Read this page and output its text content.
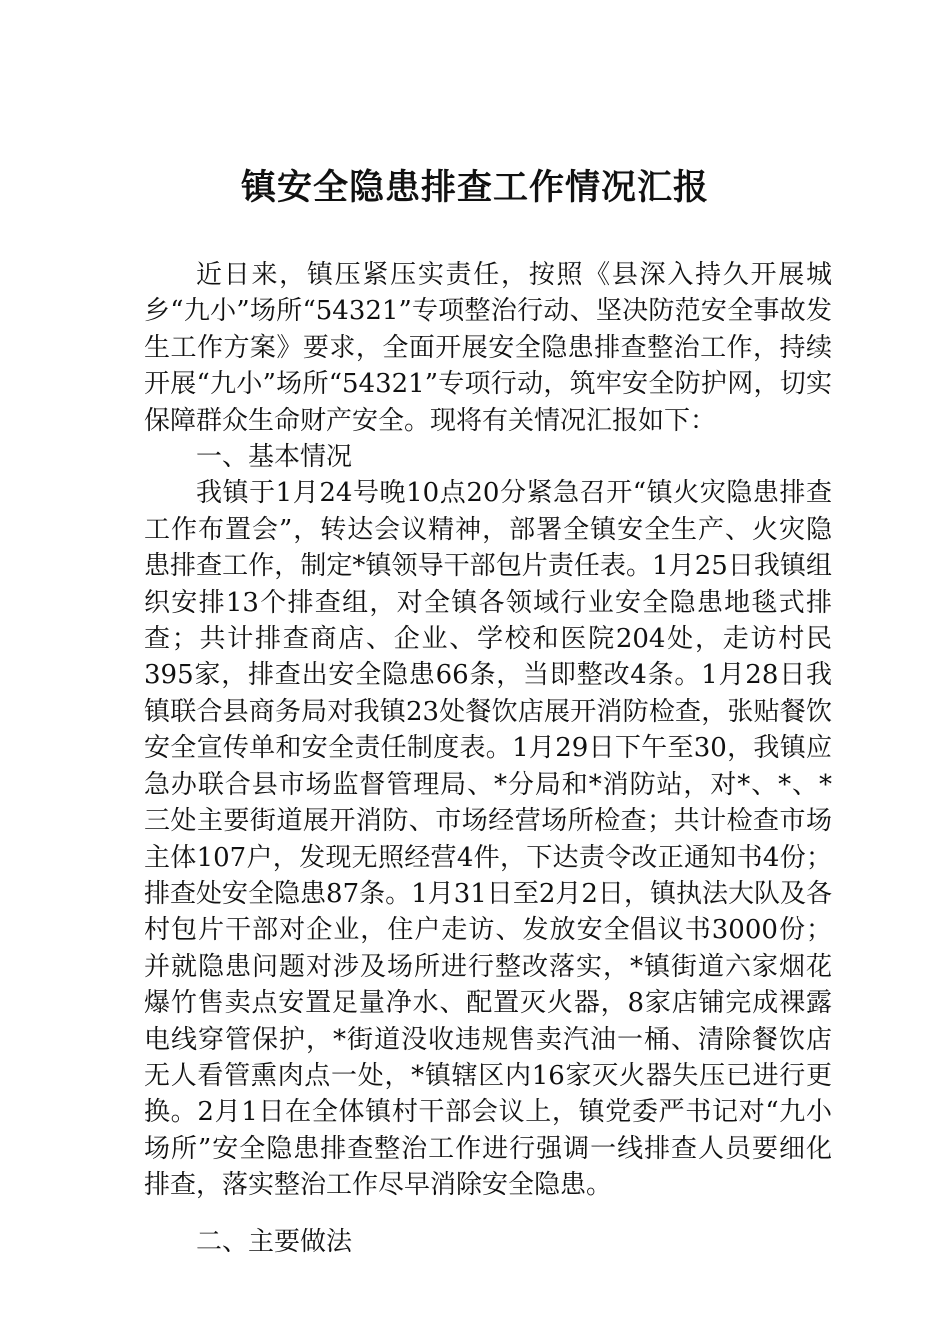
镇安全隐患排查工作情况汇报

近日来，镇压紧压实责任，按照《县深入持久开展城乡“九小”场所“54321”专项整治行动、坚决防范安全事故发生工作方案》要求，全面开展安全隐患排查整治工作，持续开展“九小”场所“54321”专项行动，筑牢安全防护网，切实保障群众生命财产安全。现将有关情况汇报如下：

一、基本情况

我镇于1月24号晚10点20分紧急召开“镇火灾隐患排查工作布置会”，转达会议精神，部署全镇安全生产、火灾隐患排查工作，制定*镇领导干部包片责任表。1月25日我镇组织安排13个排查组，对全镇各领域行业安全隐患地毯式排查；共计排查商店、企业、学校和医院204处，走访村民395家，排查出安全隐患66条，当即整改4条。1月28日我镇联合县商务局对我镇23处餐饮店展开消防检查，张贴餐饮安全宣传单和安全责任制度表。1月29日下午至30，我镇应急办联合县市场监督管理局、*分局和*消防站，对*、*、*三处主要街道展开消防、市场经营场所检查；共计检查市场主体107户，发现无照经营4件，下达责令改正通知书4份；排查处安全隐患87条。1月31日至2月2日，镇执法大队及各村包片干部对企业，住户走访、发放安全倡议书3000份；并就隐患问题对涉及场所进行整改落实，*镇街道六家烟花爆竹售卖点安置足量净水、配置灭火器，8家店铺完成裸露电线穿管保护，*街道没收违规售卖汽油一桶、清除餐饮店无人看管熏肉点一处，*镇辖区内16家灭火器失压已进行更换。2月1日在全体镇村干部会议上，镇党委严书记对“九小场所”安全隐患排查整治工作进行强调一线排查人员要细化排查，落实整治工作尽早消除安全隐患。

二、主要做法
